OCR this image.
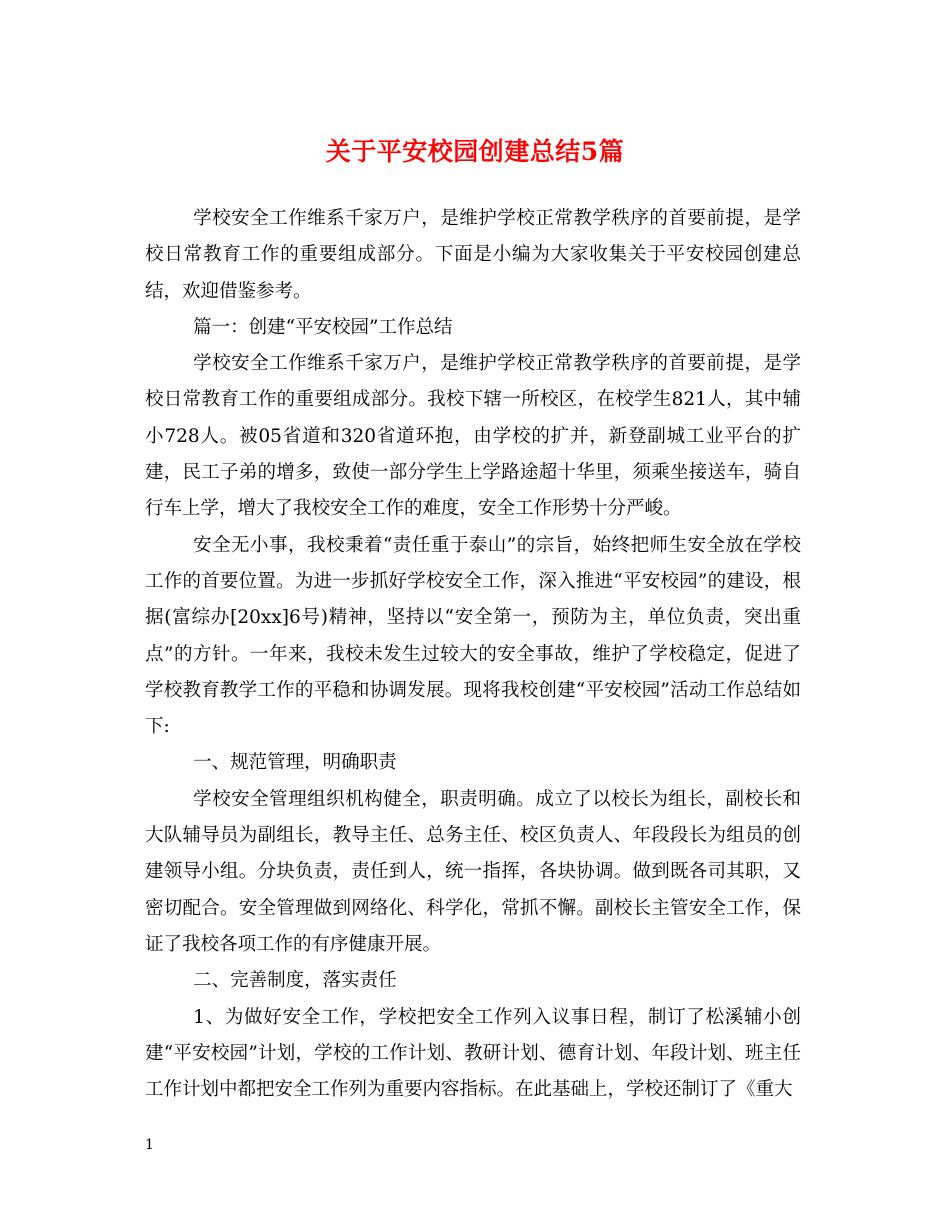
关于平安校园创建总结5篇

学校安全工作维系千家万户，是维护学校正常教学秩序的首要前提，是学校日常教育工作的重要组成部分。下面是小编为大家收集关于平安校园创建总结，欢迎借鉴参考。

篇一：创建“平安校园”工作总结

学校安全工作维系千家万户，是维护学校正常教学秩序的首要前提，是学校日常教育工作的重要组成部分。我校下辖一所校区，在校学生821人，其中辅小728人。被05省道和320省道环抱，由学校的扩并，新登副城工业平台的扩建，民工子弟的增多，致使一部分学生上学路途超十华里，须乘坐接送车，骑自行车上学，增大了我校安全工作的难度，安全工作形势十分严峻。

安全无小事，我校秉着“责任重于泰山”的宗旨，始终把师生安全放在学校工作的首要位置。为进一步抓好学校安全工作，深入推进“平安校园”的建设，根据(富综办[20xx]6号)精神，坚持以“安全第一，预防为主，单位负责，突出重点”的方针。一年来，我校未发生过较大的安全事故，维护了学校稳定，促进了学校教育教学工作的平稳和协调发展。现将我校创建“平安校园”活动工作总结如下:

一、规范管理，明确职责

学校安全管理组织机构健全，职责明确。成立了以校长为组长，副校长和大队辅导员为副组长，教导主任、总务主任、校区负责人、年段段长为组员的创建领导小组。分块负责，责任到人，统一指挥，各块协调。做到既各司其职，又密切配合。安全管理做到网络化、科学化，常抓不懈。副校长主管安全工作，保证了我校各项工作的有序健康开展。

二、完善制度，落实责任

1、为做好安全工作，学校把安全工作列入议事日程，制订了松溪辅小创建“平安校园”计划，学校的工作计划、教研计划、德育计划、年段计划、班主任工作计划中都把安全工作列为重要内容指标。在此基础上，学校还制订了《重大

1
